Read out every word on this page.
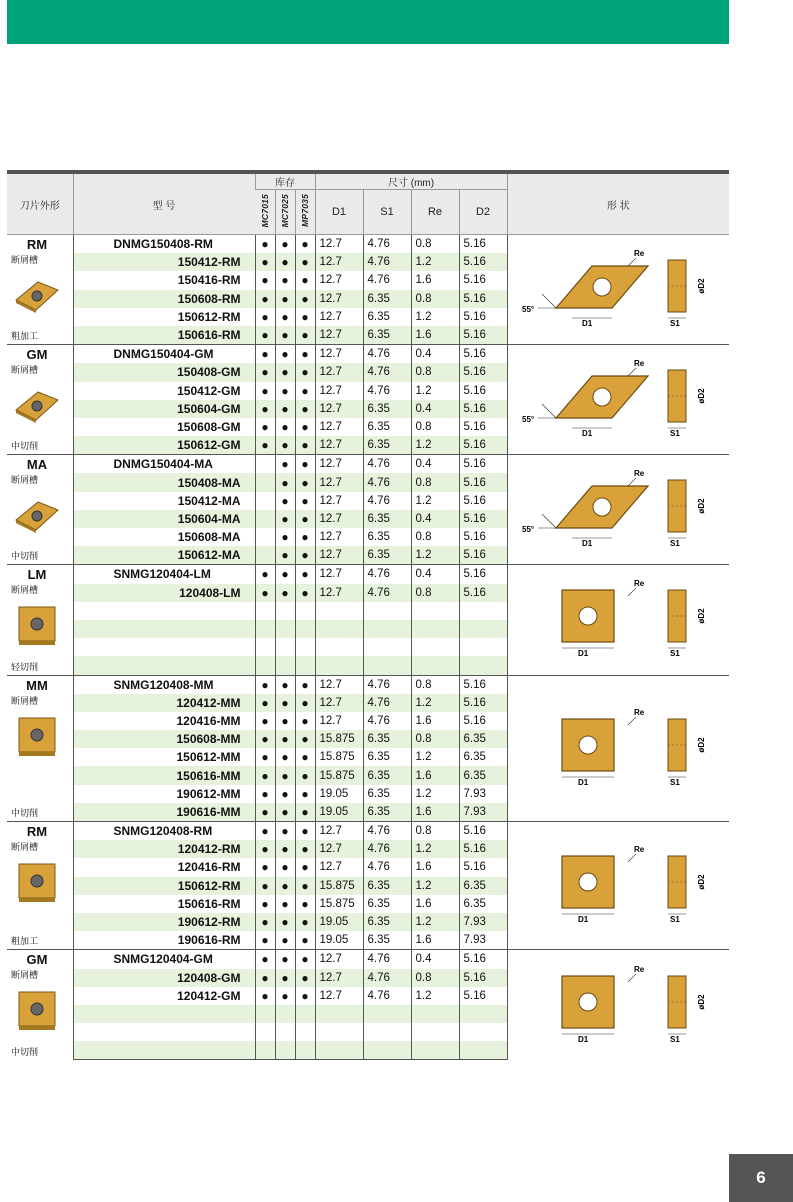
刀片外形	型 号	库存			尺寸 (mm)				形 状
		MC7015	MC7025	MP7035	D1	S1	Re	D2	

RM
断屑槽
粗加工	DNMG150408-RM	●	●	●	12.7	4.76	0.8	5.16	55°
D1
Re
S1
øD2

	150412-RM	●	●	●	12.7	4.76	1.2	5.16	
	150416-RM	●	●	●	12.7	4.76	1.6	5.16	
	150608-RM	●	●	●	12.7	6.35	0.8	5.16	
	150612-RM	●	●	●	12.7	6.35	1.2	5.16	
	150616-RM	●	●	●	12.7	6.35	1.6	5.16	

GM
断屑槽
中切削	DNMG150404-GM	●	●	●	12.7	4.76	0.4	5.16	55°
D1
Re
S1
øD2

	150408-GM	●	●	●	12.7	4.76	0.8	5.16	
	150412-GM	●	●	●	12.7	4.76	1.2	5.16	
	150604-GM	●	●	●	12.7	6.35	0.4	5.16	
	150608-GM	●	●	●	12.7	6.35	0.8	5.16	
	150612-GM	●	●	●	12.7	6.35	1.2	5.16	

MA
断屑槽
中切削	DNMG150404-MA		●	●	12.7	4.76	0.4	5.16	55°
D1
Re
S1
øD2

	150408-MA		●	●	12.7	4.76	0.8	5.16	
	150412-MA		●	●	12.7	4.76	1.2	5.16	
	150604-MA		●	●	12.7	6.35	0.4	5.16	
	150608-MA		●	●	12.7	6.35	0.8	5.16	
	150612-MA		●	●	12.7	6.35	1.2	5.16	

LM
断屑槽
轻切削	SNMG120404-LM	●	●	●	12.7	4.76	0.4	5.16	D1
Re
S1
øD2

	120408-LM	●	●	●	12.7	4.76	0.8	5.16	

MM
断屑槽
中切削	SNMG120408-MM	●	●	●	12.7	4.76	0.8	5.16	D1
Re
S1
øD2

	120412-MM	●	●	●	12.7	4.76	1.2	5.16	
	120416-MM	●	●	●	12.7	4.76	1.6	5.16	
	150608-MM	●	●	●	15.875	6.35	0.8	6.35	
	150612-MM	●	●	●	15.875	6.35	1.2	6.35	
	150616-MM	●	●	●	15.875	6.35	1.6	6.35	
	190612-MM	●	●	●	19.05	6.35	1.2	7.93	
	190616-MM	●	●	●	19.05	6.35	1.6	7.93	

RM
断屑槽
粗加工	SNMG120408-RM	●	●	●	12.7	4.76	0.8	5.16	D1
Re
S1
øD2

	120412-RM	●	●	●	12.7	4.76	1.2	5.16	
	120416-RM	●	●	●	12.7	4.76	1.6	5.16	
	150612-RM	●	●	●	15.875	6.35	1.2	6.35	
	150616-RM	●	●	●	15.875	6.35	1.6	6.35	
	190612-RM	●	●	●	19.05	6.35	1.2	7.93	
	190616-RM	●	●	●	19.05	6.35	1.6	7.93	

GM
断屑槽
中切削	SNMG120404-GM	●	●	●	12.7	4.76	0.4	5.16	D1
Re
S1
øD2

	120408-GM	●	●	●	12.7	4.76	0.8	5.16	
	120412-GM	●	●	●	12.7	4.76	1.2	5.16	

6
